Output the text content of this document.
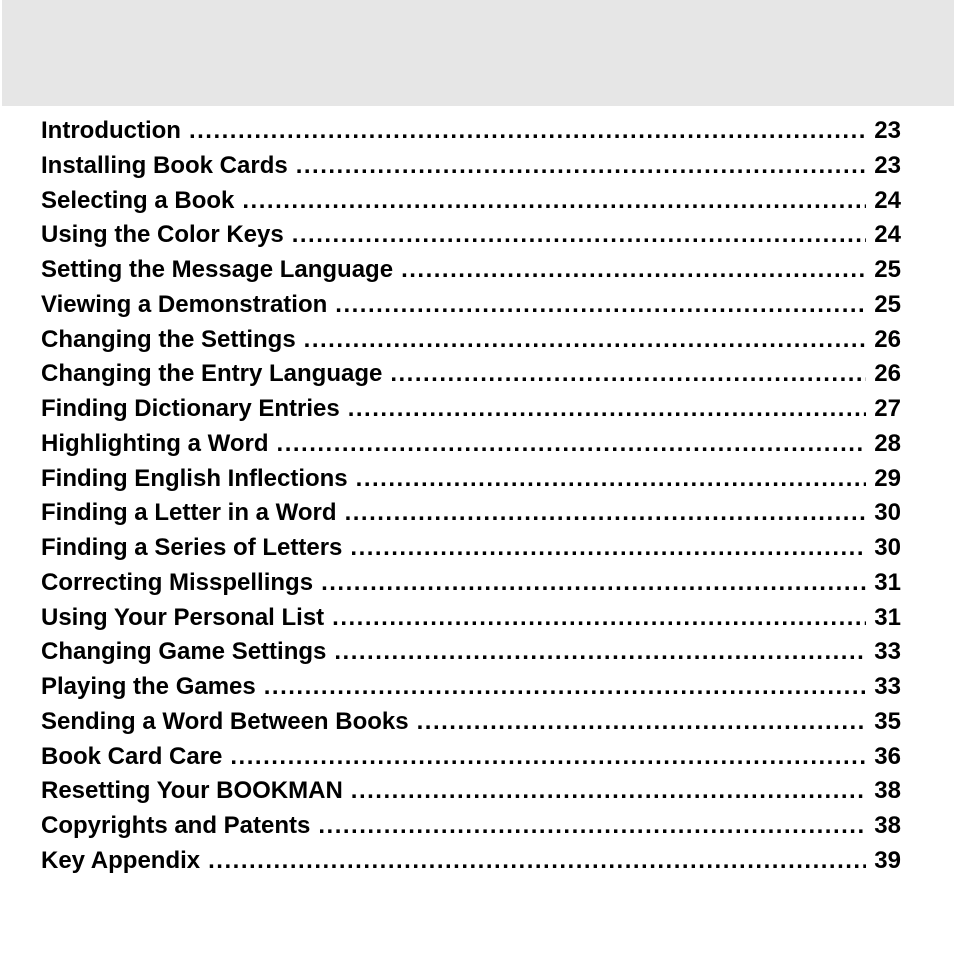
Introduction .....	23
Installing Book Cards .....	23
Selecting a Book .....	24
Using the Color Keys .....	24
Setting the Message Language .....	25
Viewing a Demonstration .....	25
Changing the Settings .....	26
Changing the Entry Language .....	26
Finding Dictionary Entries .....	27
Highlighting a Word .....	28
Finding English Inflections .....	29
Finding a Letter in a Word .....	30
Finding a Series of Letters .....	30
Correcting Misspellings .....	31
Using Your Personal List .....	31
Changing Game Settings .....	33
Playing the Games .....	33
Sending a Word Between Books .....	35
Book Card Care .....	36
Resetting Your BOOKMAN .....	38
Copyrights and Patents .....	38
Key Appendix .....	39
